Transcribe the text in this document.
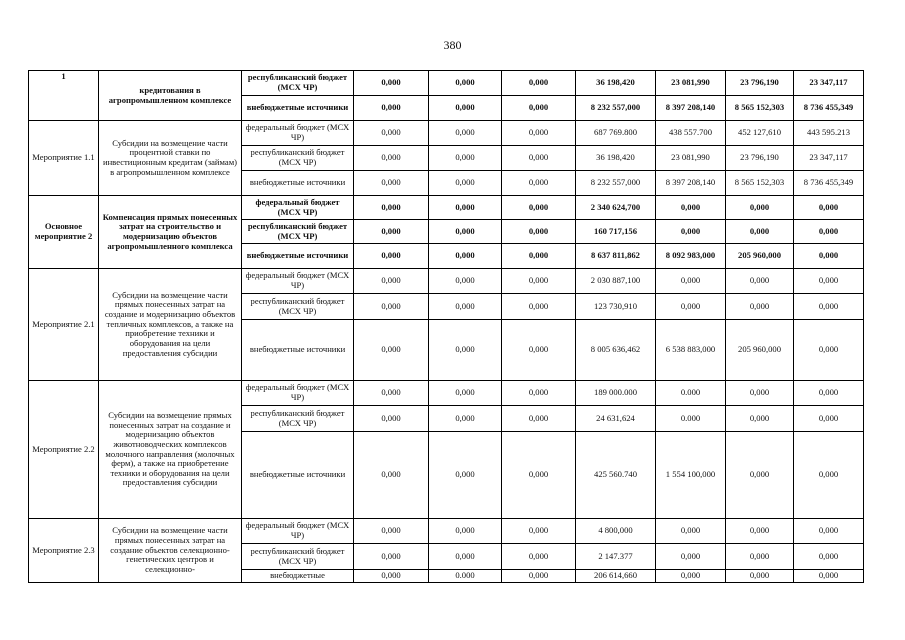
380
1	кредитования в агропромышленном комплексе	республиканский бюджет (МСХ ЧР)	0,000	0,000	0,000	36 198,420	23 081,990	23 796,190	23 347,117
		внебюджетные источники	0,000	0,000	0,000	8 232 557,000	8 397 208,140	8 565 152,303	8 736 455,349
Мероприятие 1.1	Субсидии на возмещение части процентной ставки по инвестиционным кредитам (займам) в агропромышленном комплексе	федеральный бюджет (МСХ ЧР)	0,000	0,000	0,000	687 769.800	438 557.700	452 127,610	443 595.213
		республиканский бюджет (МСХ ЧР)	0,000	0,000	0,000	36 198,420	23 081,990	23 796,190	23 347,117
		внебюджетные источники	0,000	0,000	0,000	8 232 557,000	8 397 208,140	8 565 152,303	8 736 455,349
Основное мероприятие 2	Компенсация прямых понесенных затрат на строительство и модернизацию объектов агропромышленного комплекса	федеральный бюджет (МСХ ЧР)	0,000	0,000	0,000	2 340 624,700	0,000	0,000	0,000
		республиканский бюджет (МСХ ЧР)	0,000	0,000	0,000	160 717,156	0,000	0,000	0,000
		внебюджетные источники	0,000	0,000	0,000	8 637 811,862	8 092 983,000	205 960,000	0,000
Мероприятие 2.1	Субсидии на возмещение части прямых понесенных затрат на создание и модернизацию объектов тепличных комплексов, а также на приобретение техники и оборудования на цели предоставления субсидии	федеральный бюджет (МСХ ЧР)	0,000	0,000	0,000	2 030 887,100	0,000	0,000	0,000
		республиканский бюджет (МСХ ЧР)	0,000	0,000	0,000	123 730,910	0,000	0,000	0,000
		внебюджетные источники	0,000	0,000	0,000	8 005 636,462	6 538 883,000	205 960,000	0,000
Мероприятие 2.2	Субсидии на возмещение прямых понесенных затрат на создание и модернизацию объектов животноводческих комплексов молочного направления (молочных ферм), а также на приобретение техники и оборудования на цели предоставления субсидии	федеральный бюджет (МСХ ЧР)	0,000	0,000	0,000	189 000.000	0.000	0,000	0,000
		республиканский бюджет (МСХ ЧР)	0,000	0,000	0,000	24 631,624	0.000	0,000	0,000
		внебюджетные источники	0,000	0,000	0,000	425 560.740	1 554 100,000	0,000	0,000
Мероприятие 2.3	Субсидии на возмещение части прямых понесенных затрат на создание объектов селекционно-генетических центров и селекционно-	федеральный бюджет (МСХ ЧР)	0,000	0,000	0,000	4 800,000	0,000	0,000	0,000
		республиканский бюджет (МСХ ЧР)	0,000	0,000	0,000	2 147.377	0,000	0,000	0,000
		внебюджетные	0,000	0.000	0,000	206 614,660	0,000	0,000	0,000
